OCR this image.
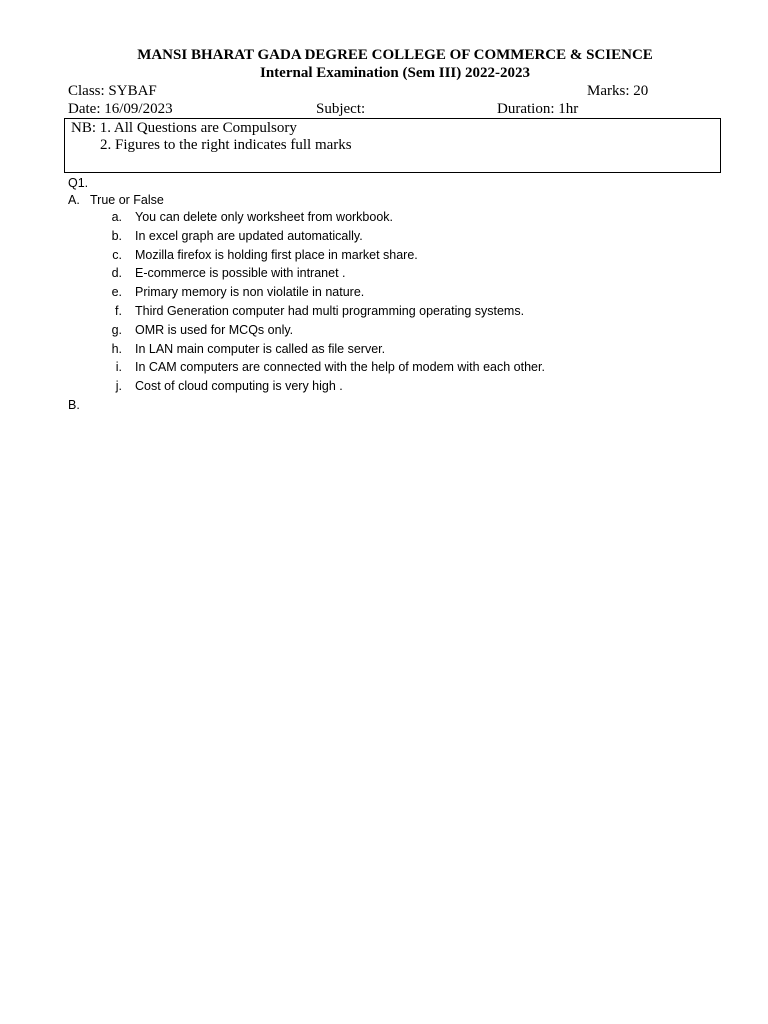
MANSI BHARAT GADA DEGREE COLLEGE OF COMMERCE & SCIENCE
Internal Examination (Sem III) 2022-2023
Class: SYBAF	Marks: 20
Date: 16/09/2023	Subject:	Duration: 1hr
NB: 1. All Questions are Compulsory
2. Figures to the right indicates full marks
Q1.
A. True or False
a. You can delete only worksheet from workbook.
b. In excel graph are updated automatically.
c. Mozilla firefox is holding first place in market share.
d. E-commerce is possible with intranet .
e. Primary memory is non violatile in nature.
f. Third Generation computer had multi programming operating systems.
g. OMR is used for MCQs only.
h. In LAN main computer is called as file server.
i. In CAM computers are connected with the help of modem with each other.
j. Cost of cloud computing is very high .
B.
